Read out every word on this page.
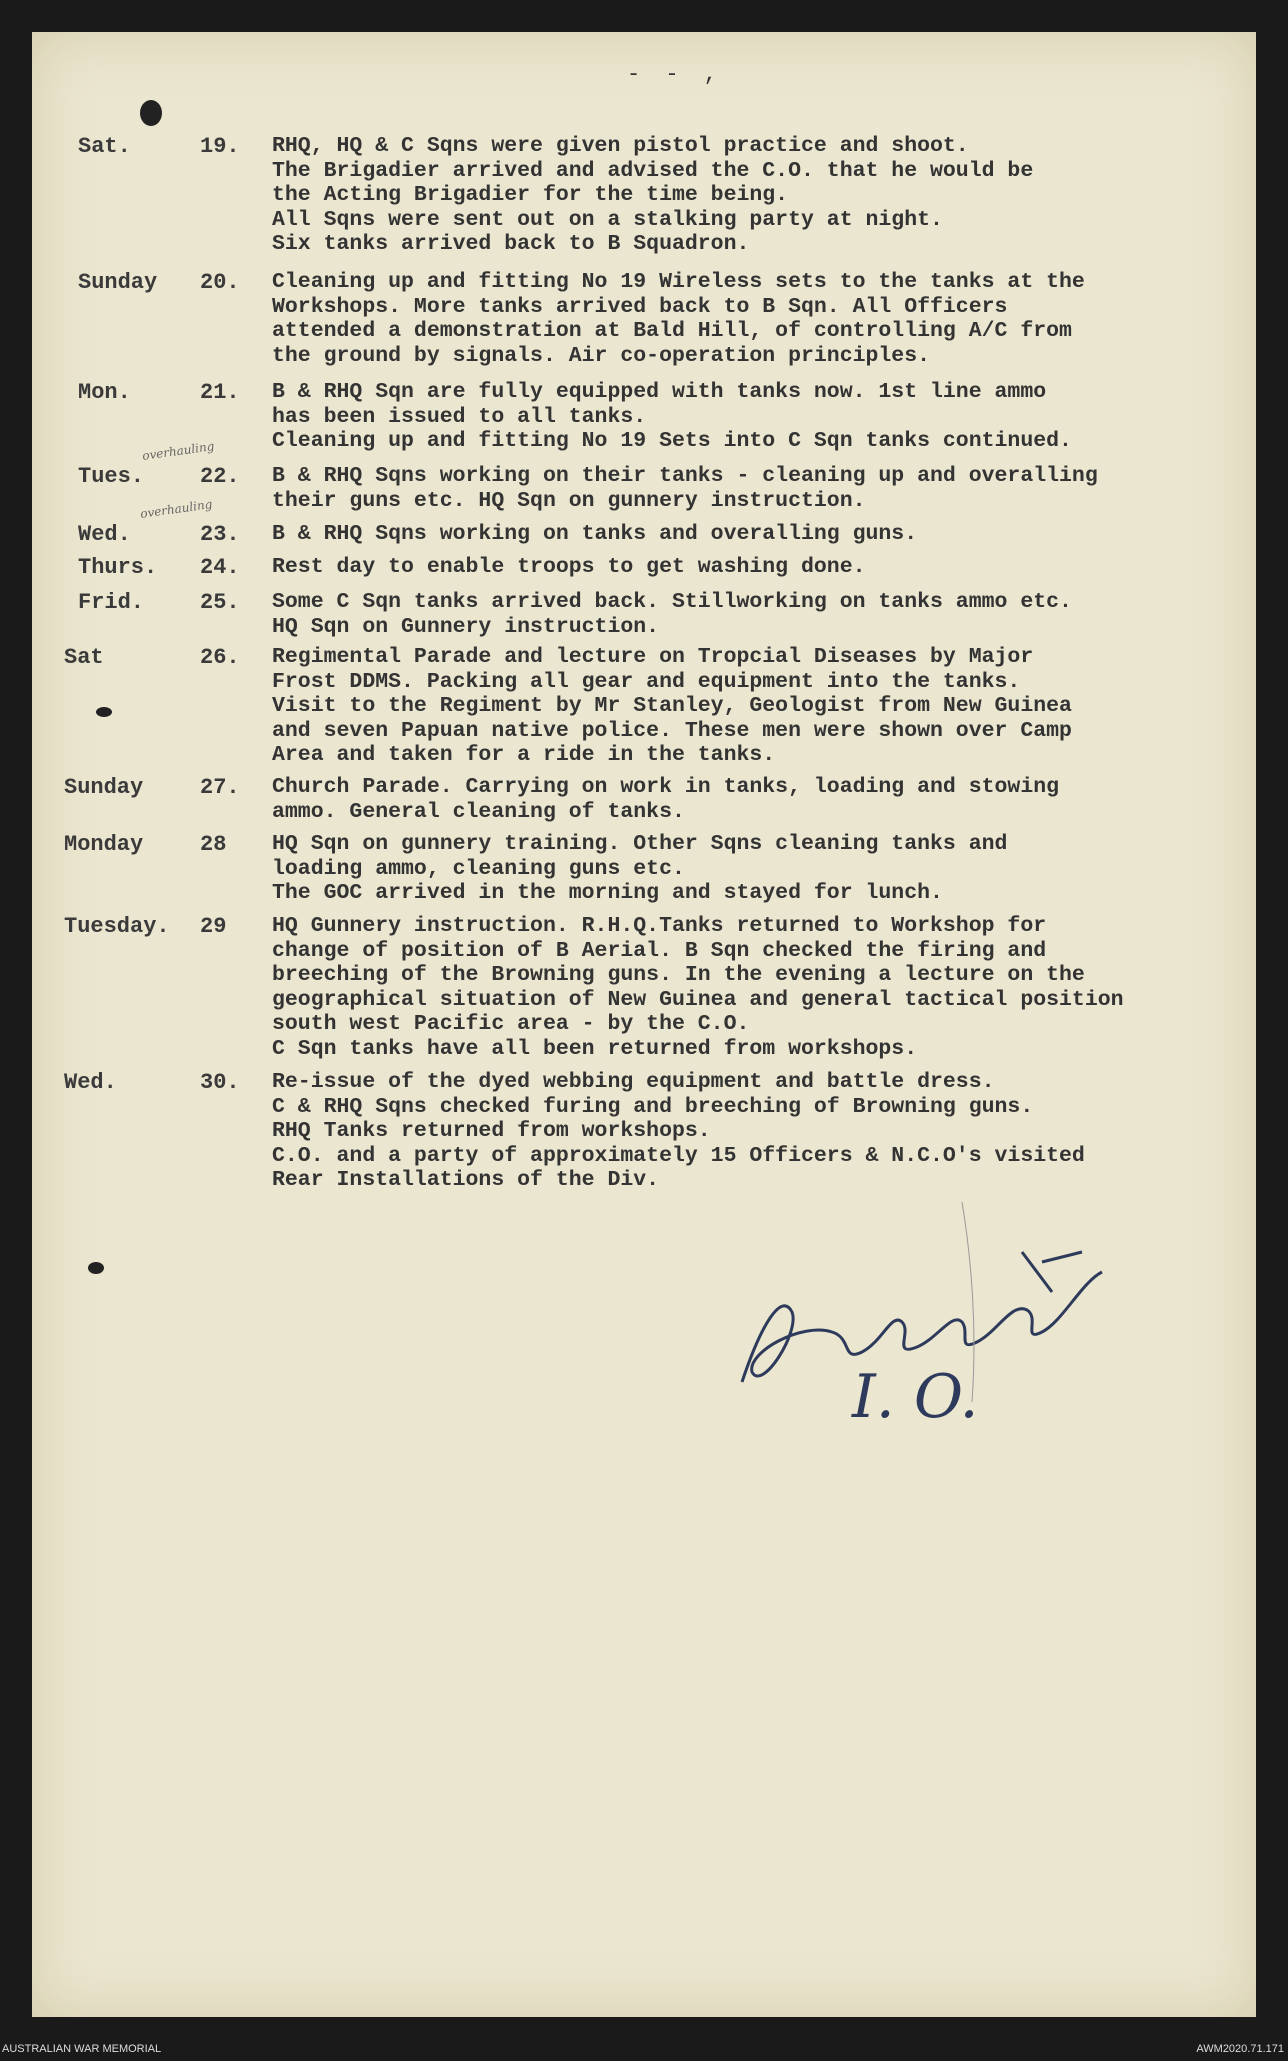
- - ,
Sat.	19. RHQ, HQ & C Sqns were given pistol practice and shoot.
The Brigadier arrived and advised the C.O. that he would be
the Acting Brigadier for the time being.
All Sqns were sent out on a stalking party at night.
Six tanks arrived back to B Squadron.
Sunday 20. Cleaning up and fitting No 19 Wireless sets to the tanks at the
Workshops. More tanks arrived back to B Sqn. All Officers
attended a demonstration at Bald Hill, of controlling A/C from
the ground by signals. Air co-operation principles.
Mon.	21. B & RHQ Sqn are fully equipped with tanks now. 1st line ammo
has been issued to all tanks.
Cleaning up and fitting No 19 Sets into C Sqn tanks continued.
overhauling
Tues.	22. B & RHQ Sqns working on their tanks - cleaning up and overalling
their guns etc. HQ Sqn on gunnery instruction.
overhauling
Wed.	23. B & RHQ Sqns working on tanks and overalling guns.
Thurs. 24. Rest day to enable troops to get washing done.
Frid.	25. Some C Sqn tanks arrived back. Stillworking on tanks ammo etc.
HQ Sqn on Gunnery instruction.
Sat	26. Regimental Parade and lecture on Tropcial Diseases by Major
Frost DDMS. Packing all gear and equipment into the tanks.
Visit to the Regiment by Mr Stanley, Geologist from New Guinea
and seven Papuan native police. These men were shown over Camp
Area and taken for a ride in the tanks.
Sunday	27. Church Parade. Carrying on work in tanks, loading and stowing
ammo. General cleaning of tanks.
Monday	28 HQ Sqn on gunnery training. Other Sqns cleaning tanks and
loading ammo, cleaning guns etc.
The GOC arrived in the morning and stayed for lunch.
Tuesday. 29 HQ Gunnery instruction. R.H.Q.Tanks returned to Workshop for
change of position of B Aerial. B Sqn checked the firing and
breeching of the Browning guns. In the evening a lecture on the
geographical situation of New Guinea and general tactical position
south west Pacific area - by the C.O.
C Sqn tanks have all been returned from workshops.
Wed.	30. Re-issue of the dyed webbing equipment and battle dress.
C & RHQ Sqns checked furing and breeching of Browning guns.
RHQ Tanks returned from workshops.
C.O. and a party of approximately 15 Officers & N.C.O's visited
Rear Installations of the Div.
I. O.
AUSTRALIAN WAR MEMORIAL	AWM2020.71.171
